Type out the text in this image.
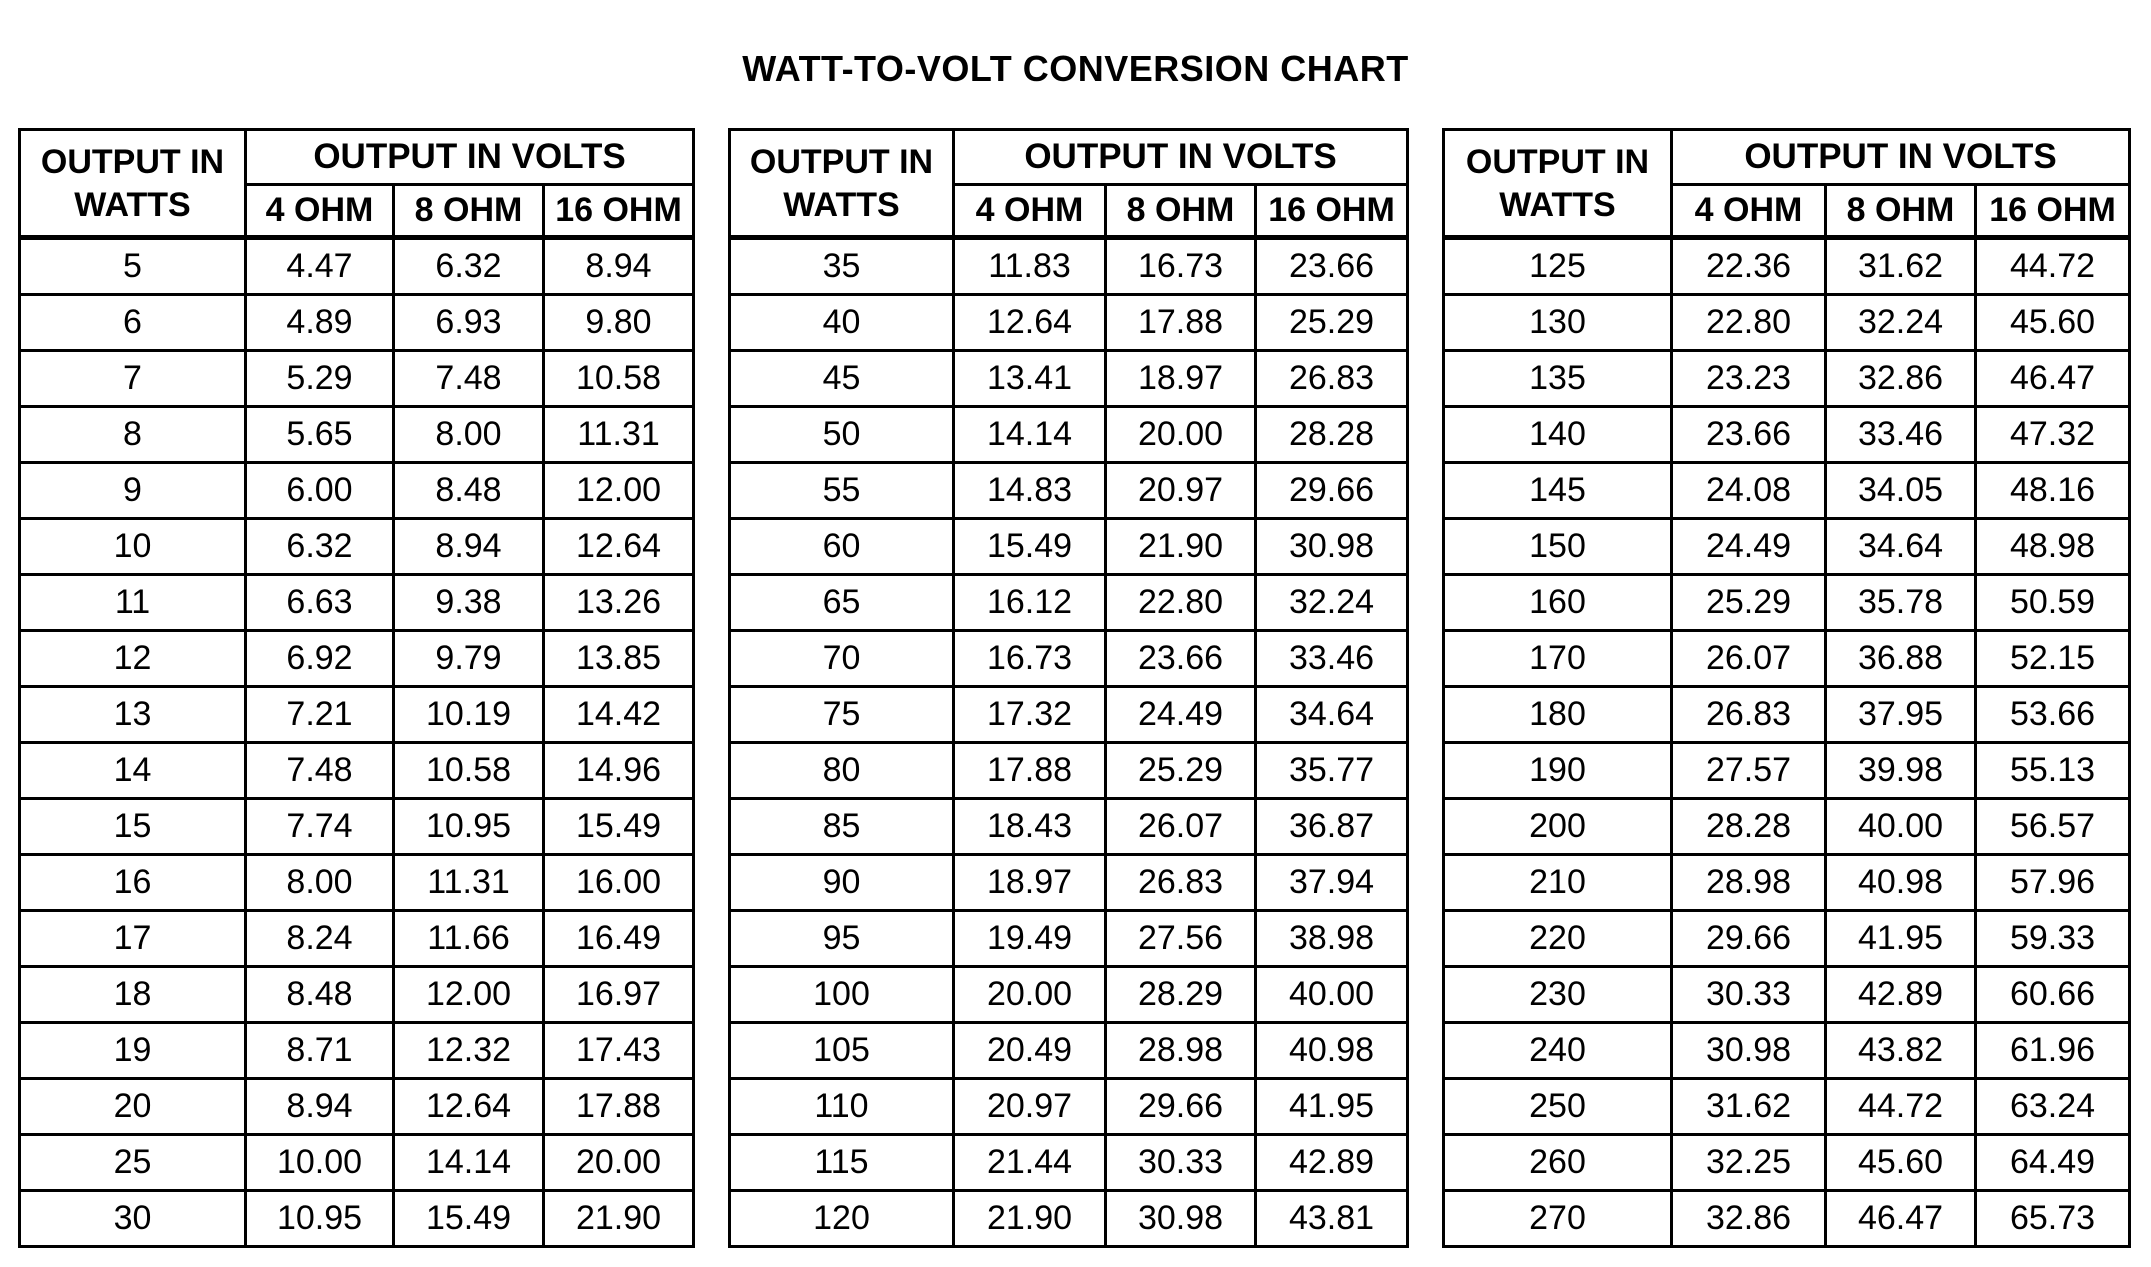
WATT-TO-VOLT CONVERSION CHART
OUTPUT IN	OUTPUT IN VOLTS		
WATTS	4 OHM	8 OHM	16 OHM
5	4.47	6.32	8.94
6	4.89	6.93	9.80
7	5.29	7.48	10.58
8	5.65	8.00	11.31
9	6.00	8.48	12.00
10	6.32	8.94	12.64
11	6.63	9.38	13.26
12	6.92	9.79	13.85
13	7.21	10.19	14.42
14	7.48	10.58	14.96
15	7.74	10.95	15.49
16	8.00	11.31	16.00
17	8.24	11.66	16.49
18	8.48	12.00	16.97
19	8.71	12.32	17.43
20	8.94	12.64	17.88
25	10.00	14.14	20.00
30	10.95	15.49	21.90
OUTPUT IN	OUTPUT IN VOLTS		
WATTS	4 OHM	8 OHM	16 OHM
35	11.83	16.73	23.66
40	12.64	17.88	25.29
45	13.41	18.97	26.83
50	14.14	20.00	28.28
55	14.83	20.97	29.66
60	15.49	21.90	30.98
65	16.12	22.80	32.24
70	16.73	23.66	33.46
75	17.32	24.49	34.64
80	17.88	25.29	35.77
85	18.43	26.07	36.87
90	18.97	26.83	37.94
95	19.49	27.56	38.98
100	20.00	28.29	40.00
105	20.49	28.98	40.98
110	20.97	29.66	41.95
115	21.44	30.33	42.89
120	21.90	30.98	43.81
OUTPUT IN	OUTPUT IN VOLTS		
WATTS	4 OHM	8 OHM	16 OHM
125	22.36	31.62	44.72
130	22.80	32.24	45.60
135	23.23	32.86	46.47
140	23.66	33.46	47.32
145	24.08	34.05	48.16
150	24.49	34.64	48.98
160	25.29	35.78	50.59
170	26.07	36.88	52.15
180	26.83	37.95	53.66
190	27.57	39.98	55.13
200	28.28	40.00	56.57
210	28.98	40.98	57.96
220	29.66	41.95	59.33
230	30.33	42.89	60.66
240	30.98	43.82	61.96
250	31.62	44.72	63.24
260	32.25	45.60	64.49
270	32.86	46.47	65.73
